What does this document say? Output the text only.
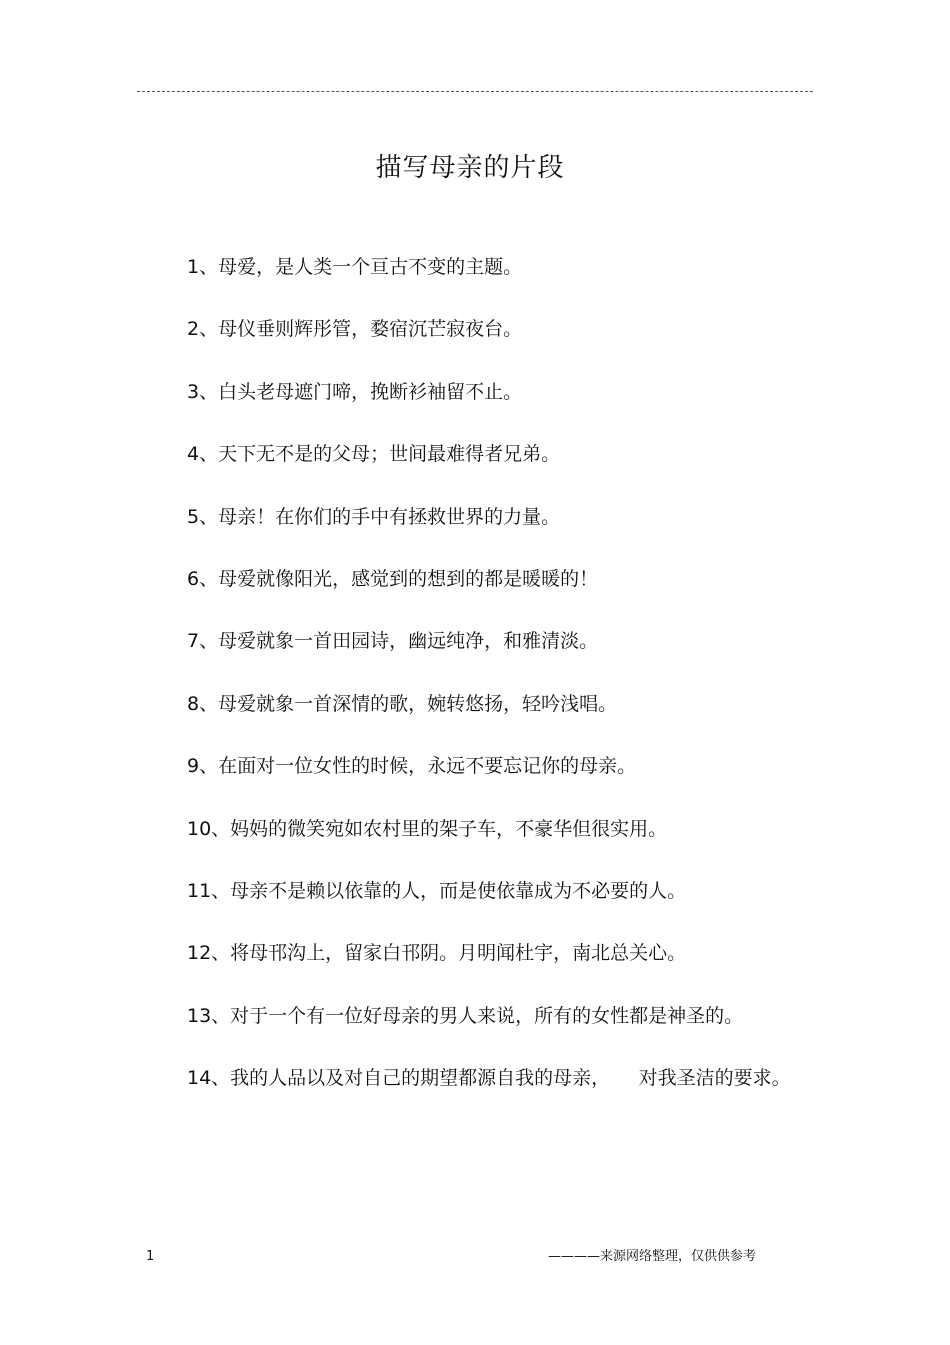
描写母亲的片段

1、母爱，是人类一个亘古不变的主题。

2、母仪垂则辉彤管，婺宿沉芒寂夜台。

3、白头老母遮门啼，挽断衫袖留不止。

4、天下无不是的父母；世间最难得者兄弟。

5、母亲！在你们的手中有拯救世界的力量。

6、母爱就像阳光，感觉到的想到的都是暖暖的！

7、母爱就象一首田园诗，幽远纯净，和雅清淡。

8、母爱就象一首深情的歌，婉转悠扬，轻吟浅唱。

9、在面对一位女性的时候，永远不要忘记你的母亲。

10、妈妈的微笑宛如农村里的架子车，不豪华但很实用。

11、母亲不是赖以依靠的人，而是使依靠成为不必要的人。

12、将母邗沟上，留家白邗阴。月明闻杜宇，南北总关心。

13、对于一个有一位好母亲的男人来说，所有的女性都是神圣的。

14、我的人品以及对自己的期望都源自我的母亲，　　对我圣洁的要求。

1	————来源网络整理，仅供供参考
